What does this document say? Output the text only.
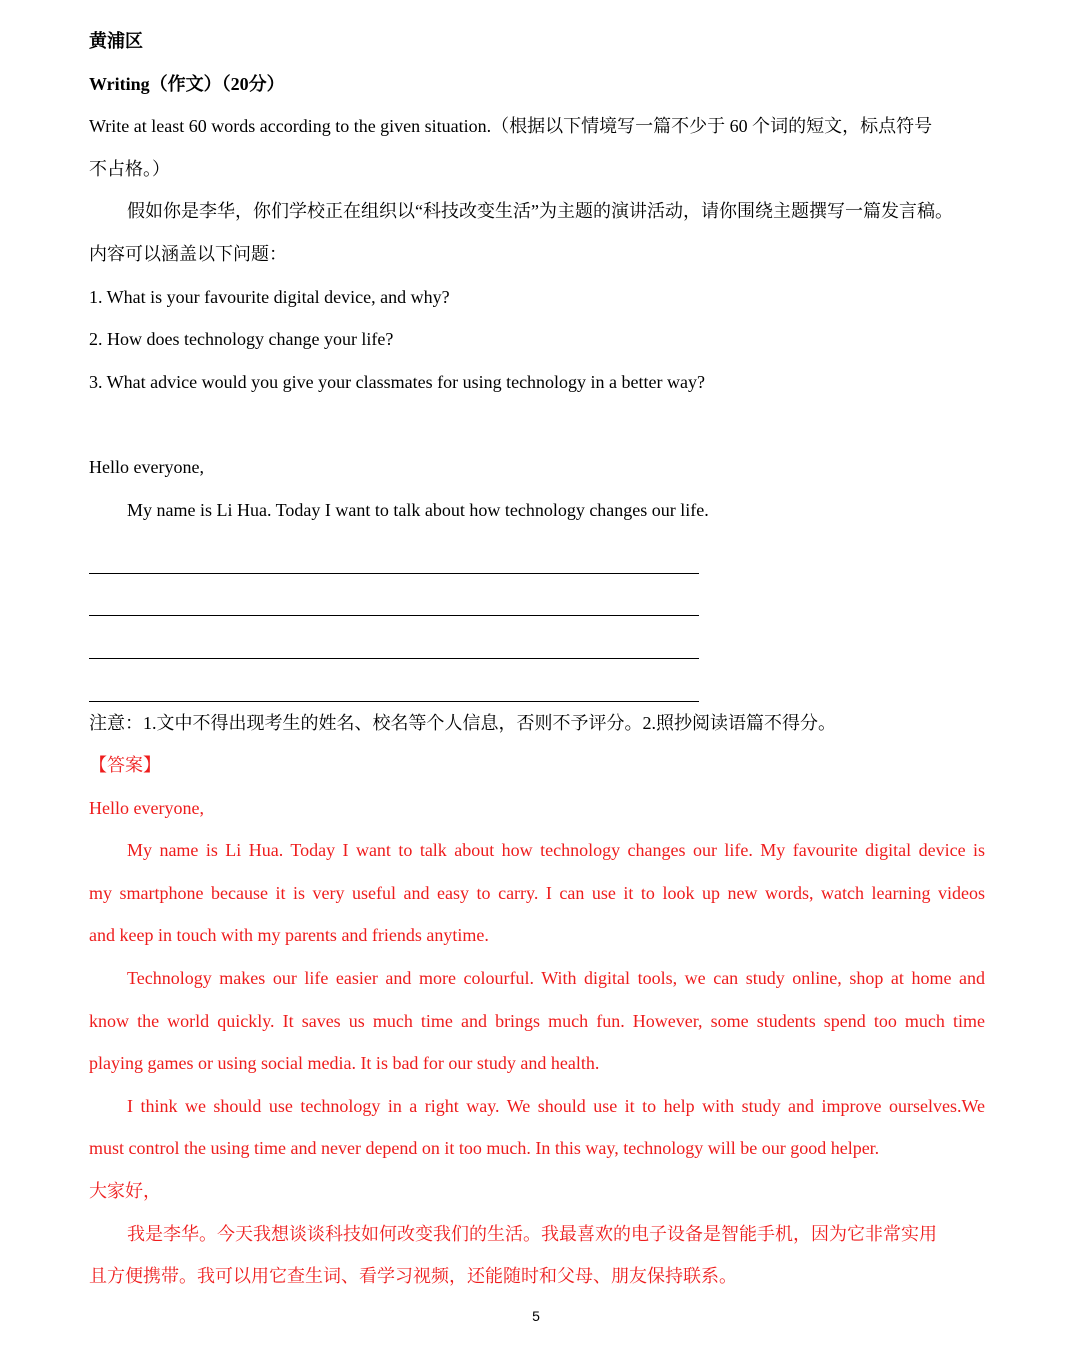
黄浦区
Writing（作文）（20分）
Write at least 60 words according to the given situation.（根据以下情境写一篇不少于 60 个词的短文，标点符号
不占格。）
假如你是李华，你们学校正在组织以“科技改变生活”为主题的演讲活动，请你围绕主题撰写一篇发言稿。
内容可以涵盖以下问题：
1. What is your favourite digital device, and why?
2. How does technology change your life?
3. What advice would you give your classmates for using technology in a better way?
Hello everyone,
My name is Li Hua. Today I want to talk about how technology changes our life.
注意：1.文中不得出现考生的姓名、校名等个人信息，否则不予评分。2.照抄阅读语篇不得分。
【答案】
Hello everyone,
My name is Li Hua. Today I want to talk about how technology changes our life. My favourite digital device is
my smartphone because it is very useful and easy to carry. I can use it to look up new words, watch learning videos
and keep in touch with my parents and friends anytime.
Technology makes our life easier and more colourful. With digital tools, we can study online, shop at home and
know the world quickly. It saves us much time and brings much fun. However, some students spend too much time
playing games or using social media. It is bad for our study and health.
I think we should use technology in a right way. We should use it to help with study and improve ourselves.We
must control the using time and never depend on it too much. In this way, technology will be our good helper.
大家好，
我是李华。今天我想谈谈科技如何改变我们的生活。我最喜欢的电子设备是智能手机，因为它非常实用
且方便携带。我可以用它查生词、看学习视频，还能随时和父母、朋友保持联系。
5
